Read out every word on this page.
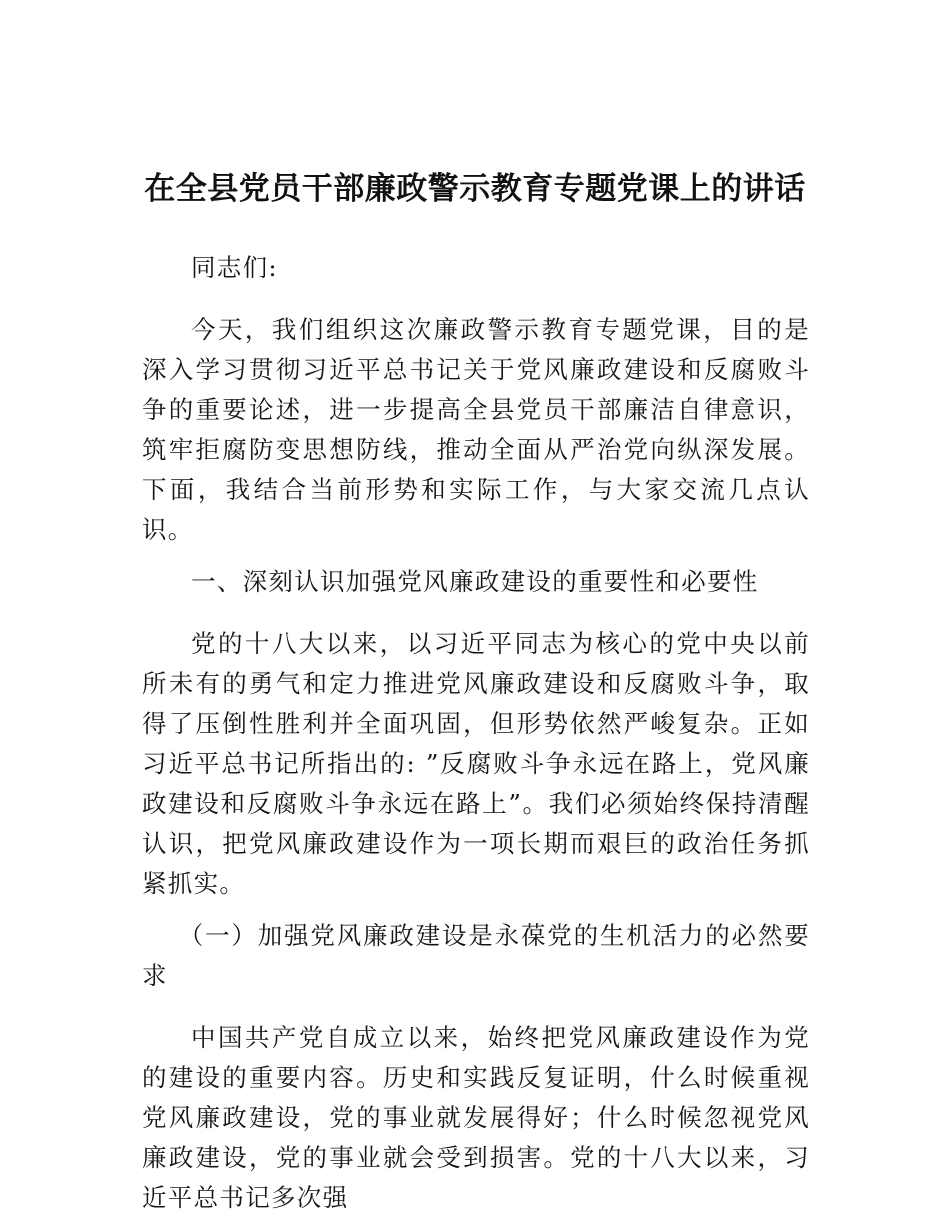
在全县党员干部廉政警示教育专题党课上的讲话

同志们:

今天，我们组织这次廉政警示教育专题党课，目的是深入学习贯彻习近平总书记关于党风廉政建设和反腐败斗争的重要论述，进一步提高全县党员干部廉洁自律意识，筑牢拒腐防变思想防线，推动全面从严治党向纵深发展。下面，我结合当前形势和实际工作，与大家交流几点认识。

一、深刻认识加强党风廉政建设的重要性和必要性

党的十八大以来，以习近平同志为核心的党中央以前所未有的勇气和定力推进党风廉政建设和反腐败斗争，取得了压倒性胜利并全面巩固，但形势依然严峻复杂。正如习近平总书记所指出的: ”反腐败斗争永远在路上，党风廉政建设和反腐败斗争永远在路上”。我们必须始终保持清醒认识，把党风廉政建设作为一项长期而艰巨的政治任务抓紧抓实。

（一）加强党风廉政建设是永葆党的生机活力的必然要求

中国共产党自成立以来，始终把党风廉政建设作为党的建设的重要内容。历史和实践反复证明，什么时候重视党风廉政建设，党的事业就发展得好；什么时候忽视党风廉政建设，党的事业就会受到损害。党的十八大以来，习近平总书记多次强
